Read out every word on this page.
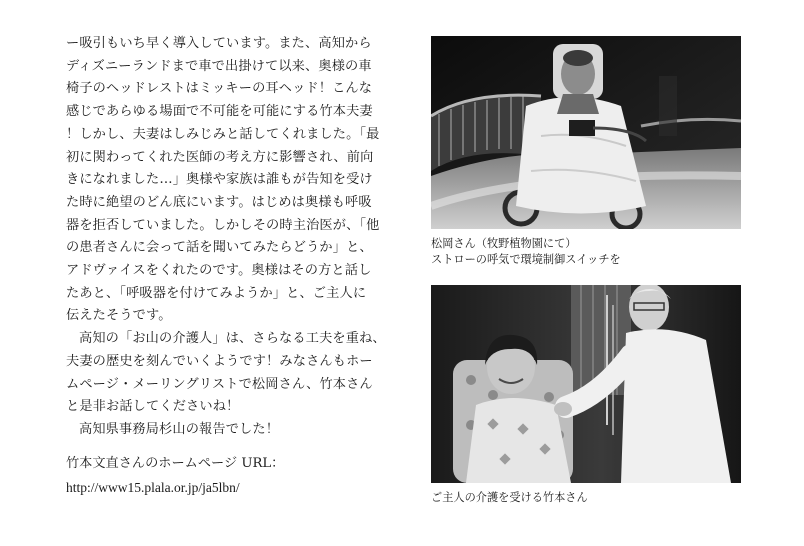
ー吸引もいち早く導入しています。また、高知から

ディズニーランドまで車で出掛けて以来、奥様の車

椅子のヘッドレストはミッキーの耳ヘッド！こんな

感じであらゆる場面で不可能を可能にする竹本夫妻

！しかし、夫妻はしみじみと話してくれました。「最

初に関わってくれた医師の考え方に影響され、前向

きになれました…」奥様や家族は誰もが告知を受け

た時に絶望のどん底にいます。はじめは奥様も呼吸

器を拒否していました。しかしその時主治医が、「他

の患者さんに会って話を聞いてみたらどうか」と、

アドヴァイスをくれたのです。奥様はその方と話し

たあと、「呼吸器を付けてみようか」と、ご主人に

伝えたそうです。

高知の「お山の介護人」は、さらなる工夫を重ね、

夫妻の歴史を刻んでいくようです！みなさんもホー

ムページ・メーリングリストで松岡さん、竹本さん

と是非お話してくださいね！

高知県事務局杉山の報告でした！

竹本文直さんのホームページ URL：

http://www15.plala.or.jp/ja5lbn/

松岡さん（牧野植物園にて）
ストローの呼気で環境制御スイッチを
ご主人の介護を受ける竹本さん
